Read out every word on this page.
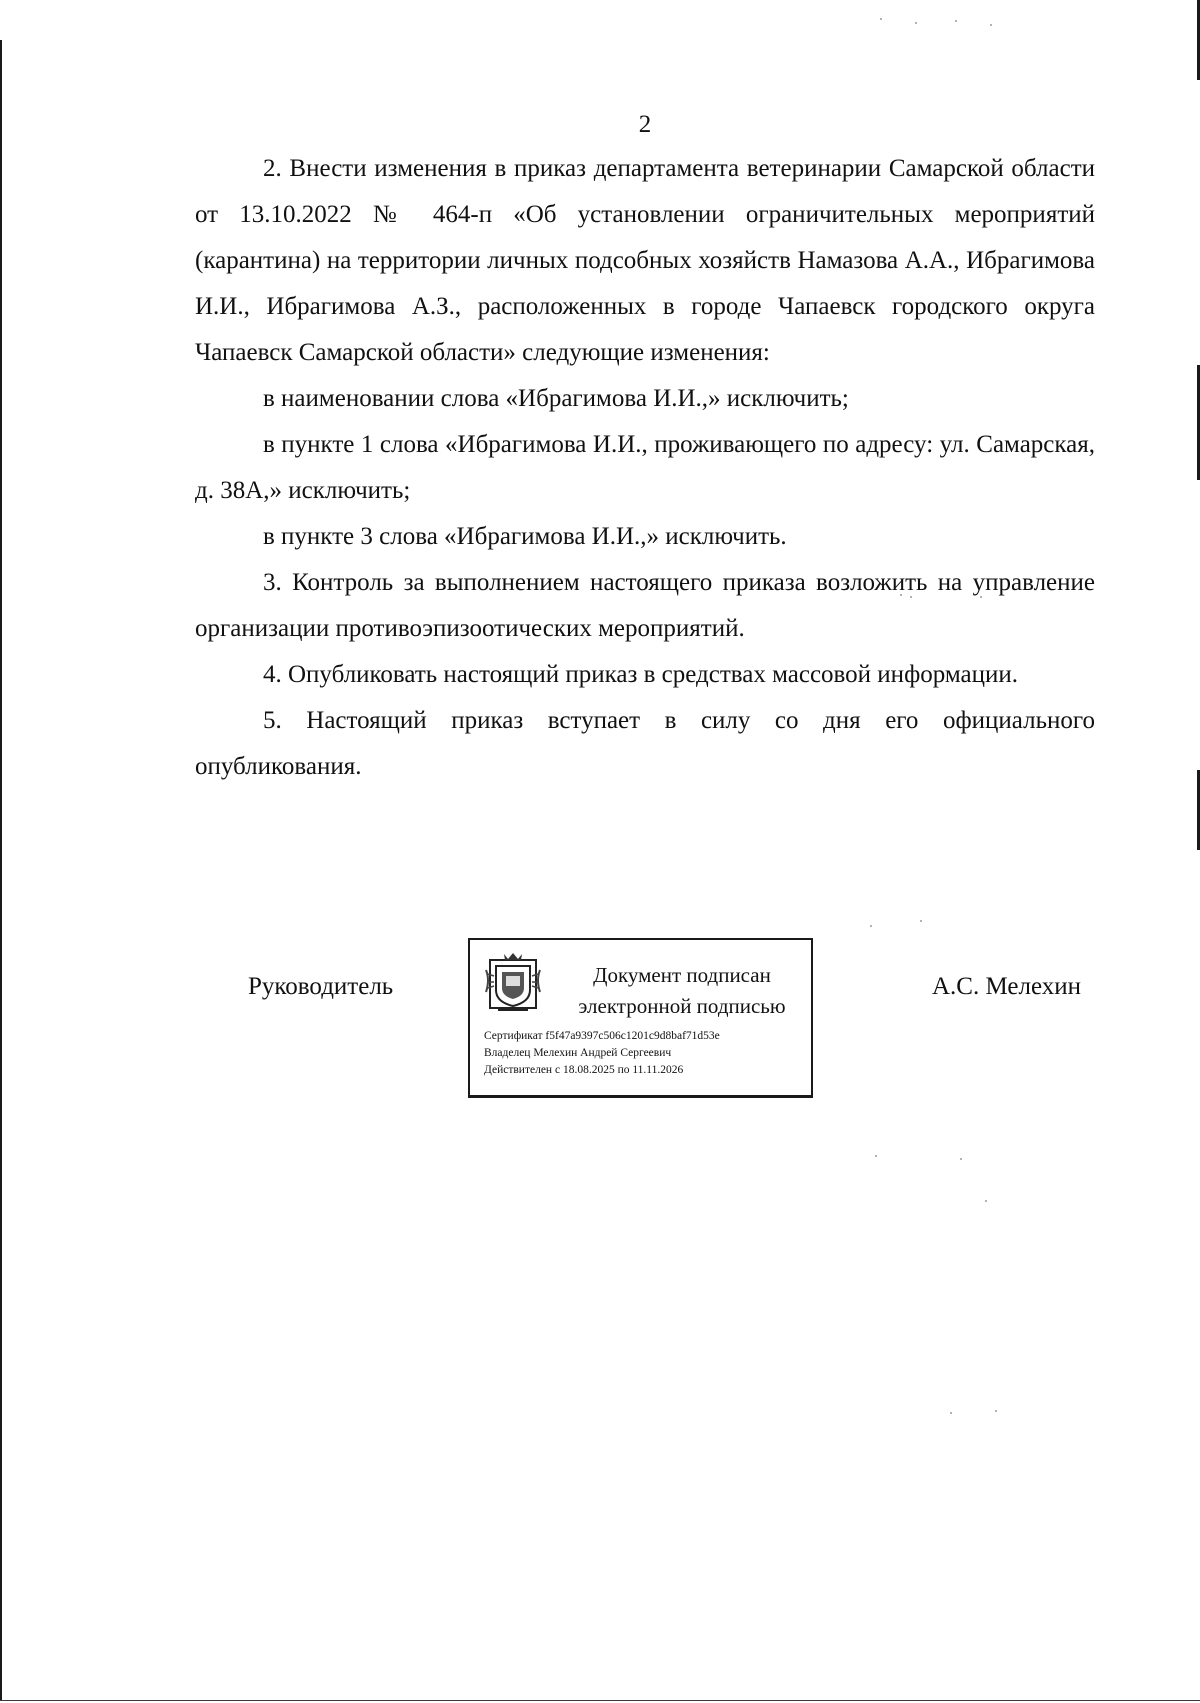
2

2. Внести изменения в приказ департамента ветеринарии Самарской области от 13.10.2022 № 464-п «Об установлении ограничительных мероприятий (карантина) на территории личных подсобных хозяйств Намазова А.А., Ибрагимова И.И., Ибрагимова А.З., расположенных в городе Чапаевск городского округа Чапаевск Самарской области» следующие изменения:

в наименовании слова «Ибрагимова И.И.,» исключить;

в пункте 1 слова «Ибрагимова И.И., проживающего по адресу: ул. Самарская, д. 38А,» исключить;

в пункте 3 слова «Ибрагимова И.И.,» исключить.

3. Контроль за выполнением настоящего приказа возложить на управление организации противоэпизоотических мероприятий.

4. Опубликовать настоящий приказ в средствах массовой информации.

5. Настоящий приказ вступает в силу со дня его официального опубликования.

Руководитель	Документ подписан
электронной подписью
Сертификат f5f47a9397c506c1201c9d8baf71d53e
Владелец Мелехин Андрей Сергеевич
Действителен с 18.08.2025 по 11.11.2026

А.С. Мелехин
